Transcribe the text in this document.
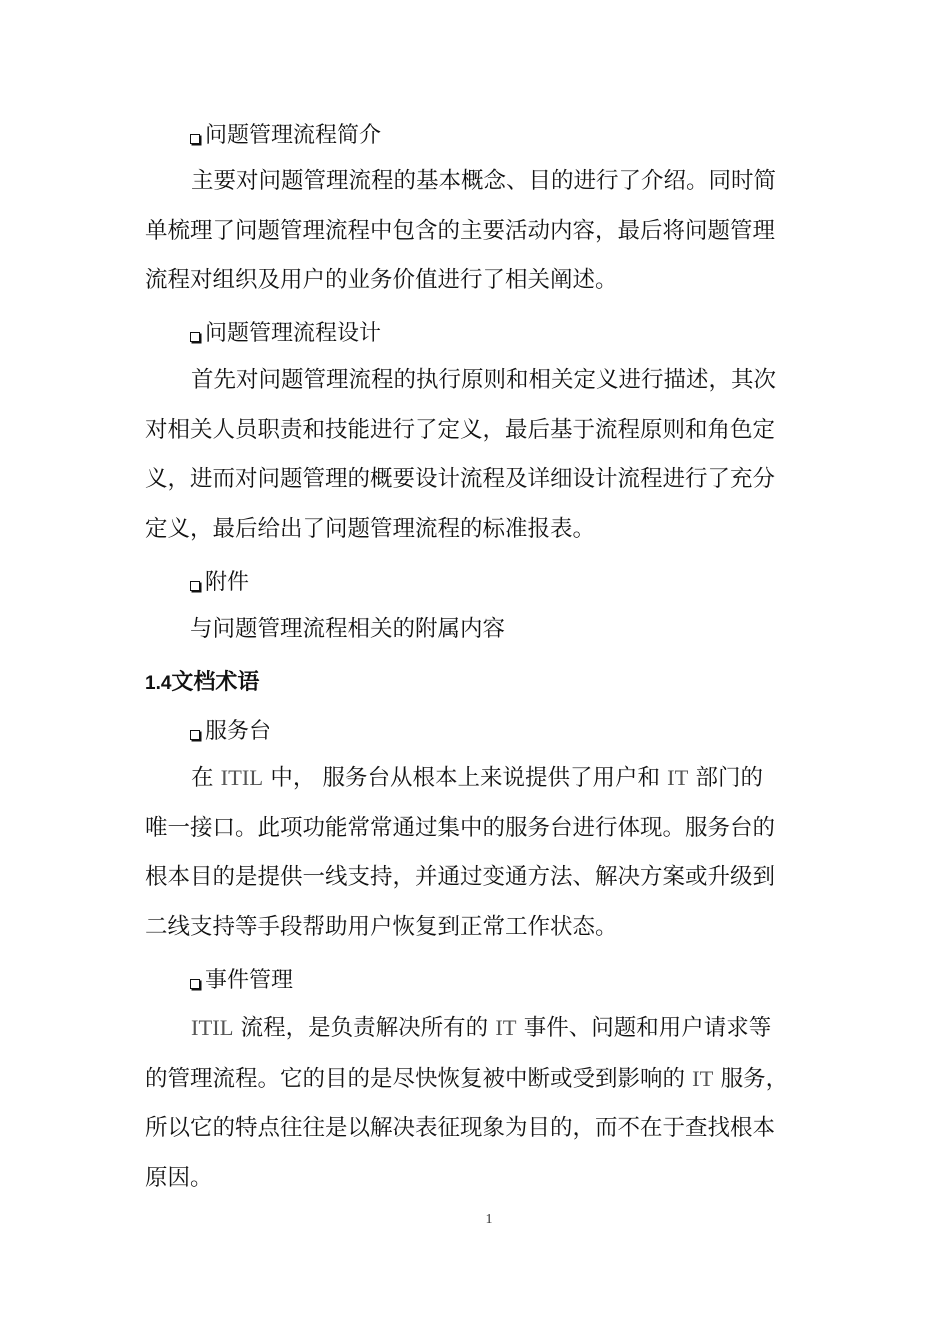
问题管理流程简介
主要对问题管理流程的基本概念、目的进行了介绍。同时简
单梳理了问题管理流程中包含的主要活动内容，最后将问题管理
流程对组织及用户的业务价值进行了相关阐述。
问题管理流程设计
首先对问题管理流程的执行原则和相关定义进行描述，其次
对相关人员职责和技能进行了定义，最后基于流程原则和角色定
义，进而对问题管理的概要设计流程及详细设计流程进行了充分
定义，最后给出了问题管理流程的标准报表。
附件
与问题管理流程相关的附属内容
1.4文档术语
服务台
在 ITIL 中， 服务台从根本上来说提供了用户和 IT 部门的
唯一接口。此项功能常常通过集中的服务台进行体现。服务台的
根本目的是提供一线支持，并通过变通方法、解决方案或升级到
二线支持等手段帮助用户恢复到正常工作状态。
事件管理
ITIL 流程，是负责解决所有的 IT 事件、问题和用户请求等
的管理流程。它的目的是尽快恢复被中断或受到影响的 IT 服务，
所以它的特点往往是以解决表征现象为目的，而不在于查找根本
原因。
1
